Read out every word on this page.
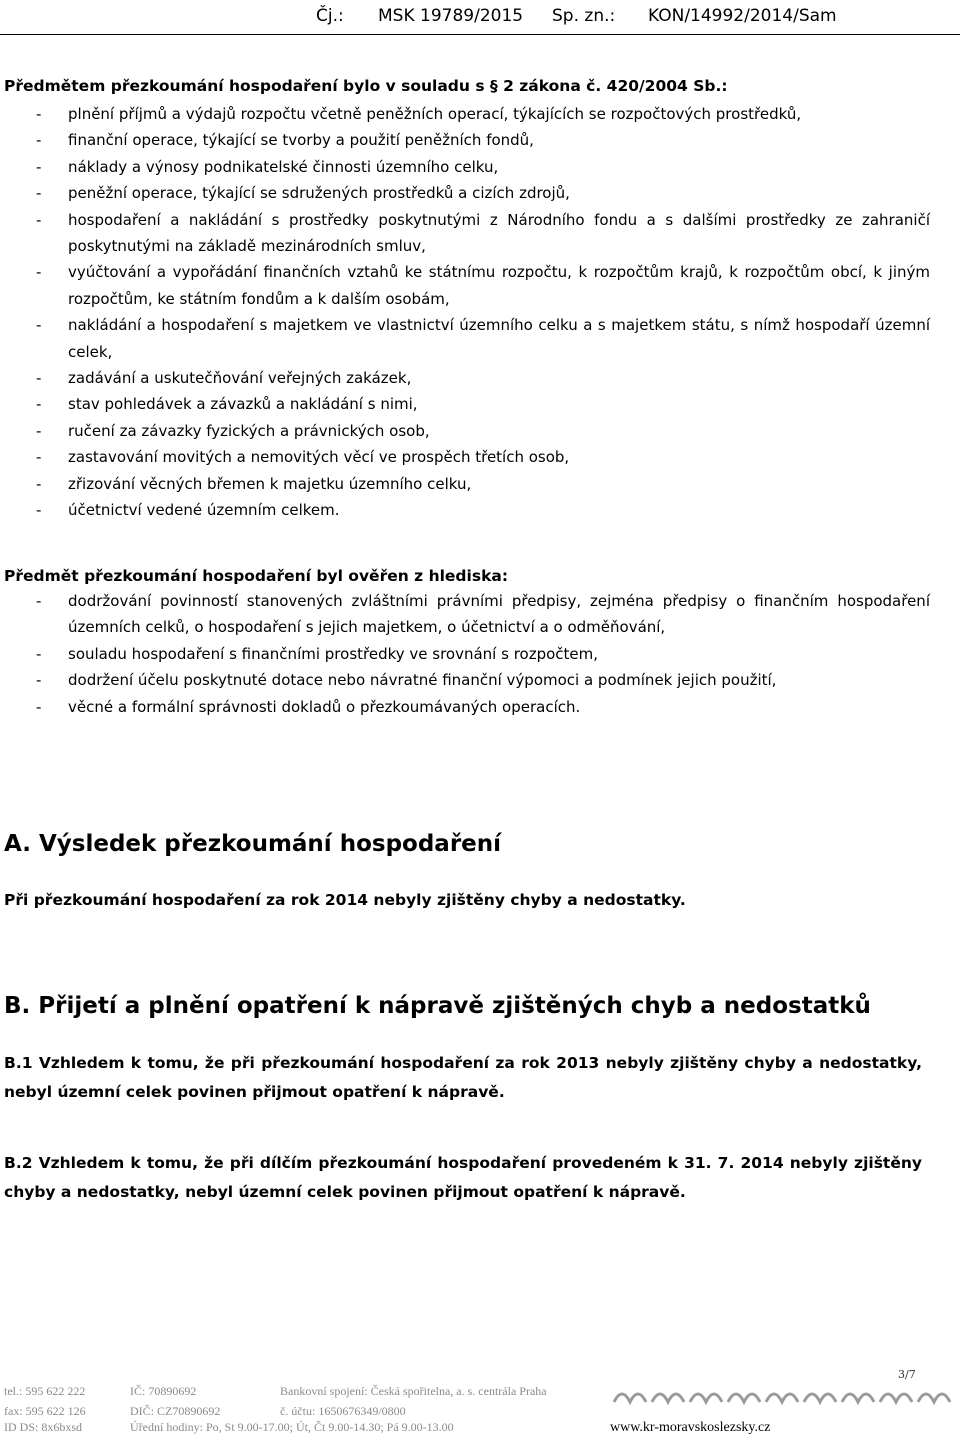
Čj.: MSK 19789/2015 Sp. zn.: KON/14992/2014/Sam
Předmětem přezkoumání hospodaření bylo v souladu s § 2 zákona č. 420/2004 Sb.:
- plnění příjmů a výdajů rozpočtu včetně peněžních operací, týkajících se rozpočtových prostředků,
- finanční operace, týkající se tvorby a použití peněžních fondů,
- náklady a výnosy podnikatelské činnosti územního celku,
- peněžní operace, týkající se sdružených prostředků a cizích zdrojů,
- hospodaření a nakládání s prostředky poskytnutými z Národního fondu a s dalšími prostředky ze zahraničí poskytnutými na základě mezinárodních smluv,
- vyúčtování a vypořádání finančních vztahů ke státnímu rozpočtu, k rozpočtům krajů, k rozpočtům obcí, k jiným rozpočtům, ke státním fondům a k dalším osobám,
- nakládání a hospodaření s majetkem ve vlastnictví územního celku a s majetkem státu, s nímž hospodaří územní celek,
- zadávání a uskutečňování veřejných zakázek,
- stav pohledávek a závazků a nakládání s nimi,
- ručení za závazky fyzických a právnických osob,
- zastavování movitých a nemovitých věcí ve prospěch třetích osob,
- zřizování věcných břemen k majetku územního celku,
- účetnictví vedené územním celkem.
Předmět přezkoumání hospodaření byl ověřen z hlediska:
- dodržování povinností stanovených zvláštními právními předpisy, zejména předpisy o finančním hospodaření územních celků, o hospodaření s jejich majetkem, o účetnictví a o odměňování,
- souladu hospodaření s finančními prostředky ve srovnání s rozpočtem,
- dodržení účelu poskytnuté dotace nebo návratné finanční výpomoci a podmínek jejich použití,
- věcné a formální správnosti dokladů o přezkoumávaných operacích.
A. Výsledek přezkoumání hospodaření
Při přezkoumání hospodaření za rok 2014 nebyly zjištěny chyby a nedostatky.
B. Přijetí a plnění opatření k nápravě zjištěných chyb a nedostatků
B.1 Vzhledem k tomu, že při přezkoumání hospodaření za rok 2013 nebyly zjištěny chyby a nedostatky, nebyl územní celek povinen přijmout opatření k nápravě.
B.2 Vzhledem k tomu, že při dílčím přezkoumání hospodaření provedeném k 31. 7. 2014 nebyly zjištěny chyby a nedostatky, nebyl územní celek povinen přijmout opatření k nápravě.
3/7
tel.: 595 622 222	IČ: 70890692	Bankovní spojení: Česká spořitelna, a. s. centrála Praha
fax: 595 622 126	DIČ: CZ70890692	č. účtu: 1650676349/0800
ID DS: 8x6bxsd	Úřední hodiny: Po, St 9.00-17.00; Út, Čt 9.00-14.30; Pá 9.00-13.00	www.kr-moravskoslezsky.cz
